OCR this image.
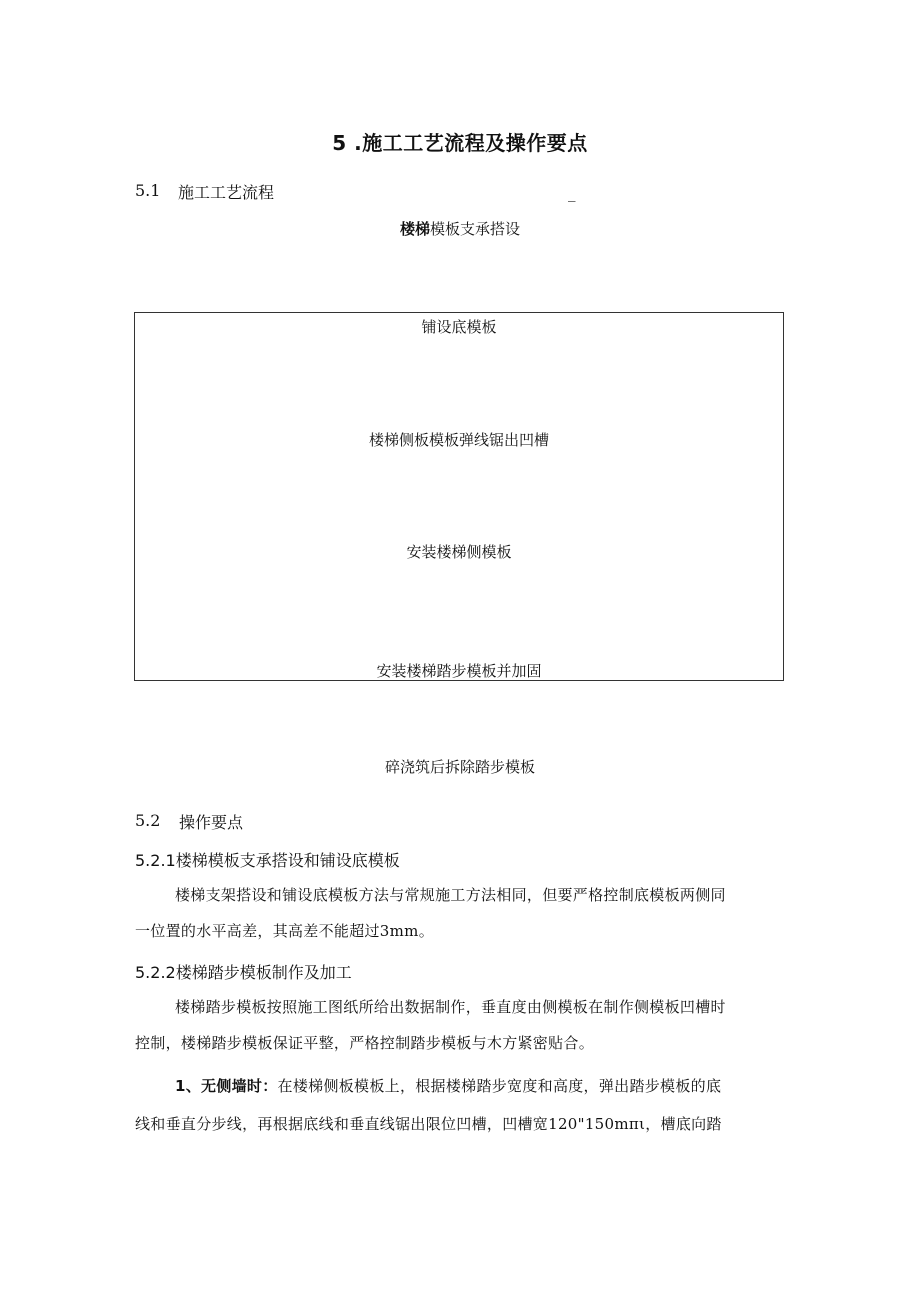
5 .施工工艺流程及操作要点
5.1 施工工艺流程	_
楼梯模板支承搭设
铺设底模板
楼梯侧板模板弹线锯出凹槽
安装楼梯侧模板
安装楼梯踏步模板并加固
碎浇筑后拆除踏步模板
5.2 操作要点
5.2.1楼梯模板支承搭设和铺设底模板
楼梯支架搭设和铺设底模板方法与常规施工方法相同，但要严格控制底模板两侧同
一位置的水平高差，其高差不能超过3mm。
5.2.2楼梯踏步模板制作及加工
楼梯踏步模板按照施工图纸所给出数据制作，垂直度由侧模板在制作侧模板凹槽时
控制，楼梯踏步模板保证平整，严格控制踏步模板与木方紧密贴合。
1、无侧墙时：在楼梯侧板模板上，根据楼梯踏步宽度和高度，弹出踏步模板的底
线和垂直分步线，再根据底线和垂直线锯出限位凹槽，凹槽宽120"150mπι，槽底向踏
